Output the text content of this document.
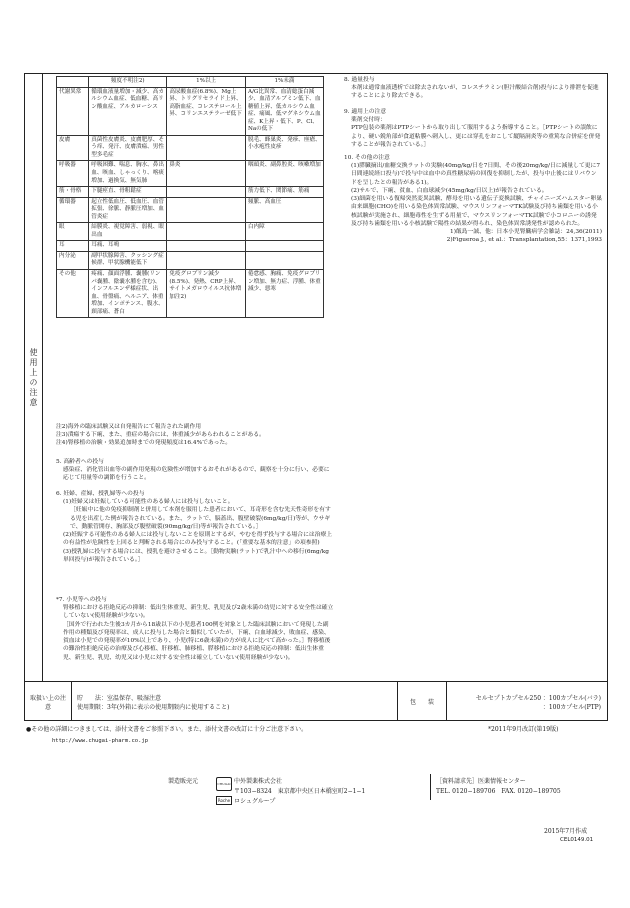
使用上の注意
	頻度不明注2)	1%以上	1%未満
代謝異常	循環血液量増加・減少、高カルシウム血症、低血糖、高リン酸血症、アルカローシス	高尿酸血症(6.8%)、Mg上昇、トリグリセライド上昇、高脂血症、コレステロール上昇、コリンエステラーゼ低下	A/G比異常、血清総蛋白減少、血清アルブミン低下、血糖値上昇、低カルシウム血症、痛風、低マグネシウム血症、K上昇・低下、P、Cl、Naの低下
皮膚	真菌性皮膚炎、皮膚肥厚、そう痒、発汗、皮膚潰瘍、男性型多毛症		脱毛、蜂巣炎、発疹、座瘡、小水疱性皮疹
呼吸器	呼吸困難、喘息、胸水、鼻出血、咳血、しゃっくり、喀痰増加、過換気、無気肺	鼻炎	咽頭炎、副鼻腔炎、咳嗽増加
筋・骨格	下腿痙直、骨粗鬆症		筋力低下、関節痛、筋痛
循環器	起立性低血圧、低血圧、血管拡張、徐脈、静脈圧増加、血管炎症		頻脈、高血圧
眼	結膜炎、視覚障害、弱視、眼出血		白内障
耳	耳痛、耳鳴		
内分泌	副甲状腺障害、クッシング症候群、甲状腺機能低下		
その他	疼痛、顔面浮腫、嚢腫(リンパ嚢腫、陰嚢水腫を含む)、インフルエンザ様症状、出血、骨盤痛、ヘルニア、体重増加、インポテンス、腹水、頚部痛、蒼白	免疫グロブリン減少(8.5%)、発熱、CRP上昇、サイトメガロウイルス抗体増加注2)	倦怠感、胸痛、免疫グロブリン増加、無力症、浮腫、体重減少、悪寒

注2)海外の臨床試験又は自発報告にて報告された副作用

注3)潰瘍する下痢、また、重症の場合には、体重減少があらわれることがある。

注4)腎移植の治験・効果追加時までの発現頻度は16.4%であった。

5. 高齢者への投与

感染症、消化管出血等の副作用発現の危険性が増加するおそれがあるので、観察を十分に行い、必要に応じて用量等の調節を行うこと。

6. 妊婦、産婦、授乳婦等への投与

(1)妊婦又は妊娠している可能性のある婦人には投与しないこと。

［妊娠中に他の免疫抑制剤と併用して本剤を服用した患者において、耳奇形を含む先天性奇形を有する児を出産した例が報告されている。また、ラットで、脳蓋出、腹壁破裂(6mg/kg/日)等が、ウサギで、動脈管開存、胸部及び腹壁破裂(90mg/kg/日)等が報告されている。］

(2)妊娠する可能性のある婦人には投与しないことを原則とするが、やむを得ず投与する場合には治療上の有益性が危険性を上回ると判断される場合にのみ投与すること。(「重要な基本的注意」の項参照)

(3)授乳婦に投与する場合には、授乳を避けさせること。［動物実験(ラット)で乳汁中への移行(6mg/kg単回投与)が報告されている。］

*7. 小児等への投与

腎移植における拒絶反応の抑制：低出生体重児、新生児、乳児及び2歳未満の幼児に対する安全性は確立していない(使用経験が少ない)。

［国外で行われた生後3カ月から18歳以下の小児患者100例を対象とした臨床試験において発現した副作用の種類及び発現率は、成人に投与した場合と類似していたが、下痢、白血球減少、敗血症、感染、貧血は小児での発現率が10%以上であり、小児(特に6歳未満)の方が成人に比べて高かった。］腎移植後の難治性拒絶反応の治療及び心移植、肝移植、肺移植、膵移植における拒絶反応の抑制：低出生体重児、新生児、乳児、幼児又は小児に対する安全性は確立していない(使用経験が少ない)。

8. 過量投与

本剤は通常血液透析では除去されないが、コレスチラミン(胆汁酸結合剤)投与により排泄を促進することにより除去できる。

9. 適用上の注意

薬剤交付時：

PTP包装の薬剤はPTPシートから取り出して服用するよう指導すること。［PTPシートの誤飲により、硬い鋭角部が食道粘膜へ刺入し、更には穿孔をおこして縦隔洞炎等の重篤な合併症を併発することが報告されている。］

10. その他の注意

(1)膵臓摘出/血糖交換ラットの実験(40mg/kg/日を7日間、その後20mg/kg/日に減量して更に7日間連続経口投与)で投与中は血中の真性糖尿病の回復を抑制したが、投与中止後にはリバウンドを呈したとの報告がある1)。

(2)サルで、下痢、貧血、白血球減少(45mg/kg/日以上)が報告されている。

(3)細菌を用いる復帰突然変異試験、酵母を用いる遺伝子変換試験、チャイニーズハムスター卵巣由来細胞(CHO)を用いる染色体異常試験、マウスリンフォーマTK試験及び持ち歯類を用いる小核試験が実施され、細胞毒性を生ずる用量で、マウスリンフォーマTK試験で小コロニーの誘発及び持ち歯類を用いる小核試験で陽性の結果が得られ、染色体異常誘発性が認められた。

1)飯島一誠、他：日本小児腎臓病学会雑誌：24,36(2011)

2)Figueroa J., et al.：Transplantation,55：1371,1993

取扱い上の注意
貯　　法：室温保存、吸湿注意
使用期限：3年(外箱に表示の使用期限内に使用すること)
包　　装
セルセプトカプセル250 ：100カプセル(バラ)
：100カプセル(PTP)
●その他の詳細につきましては、添付文書をご参照下さい。また、添付文書の改訂に十分ご注意下さい。	*2011年9月改訂(第19版)
http://www.chugai-pharm.co.jp
製造販売元	CHUGAI 中外製薬株式会社
〒103−8324　東京都中央区日本橋室町2−1−1
Roche ロシュグループ
［資料請求先］医薬情報センター
TEL. 0120−189706　FAX. 0120−189705
2015年7月作成
CEL0149.01
